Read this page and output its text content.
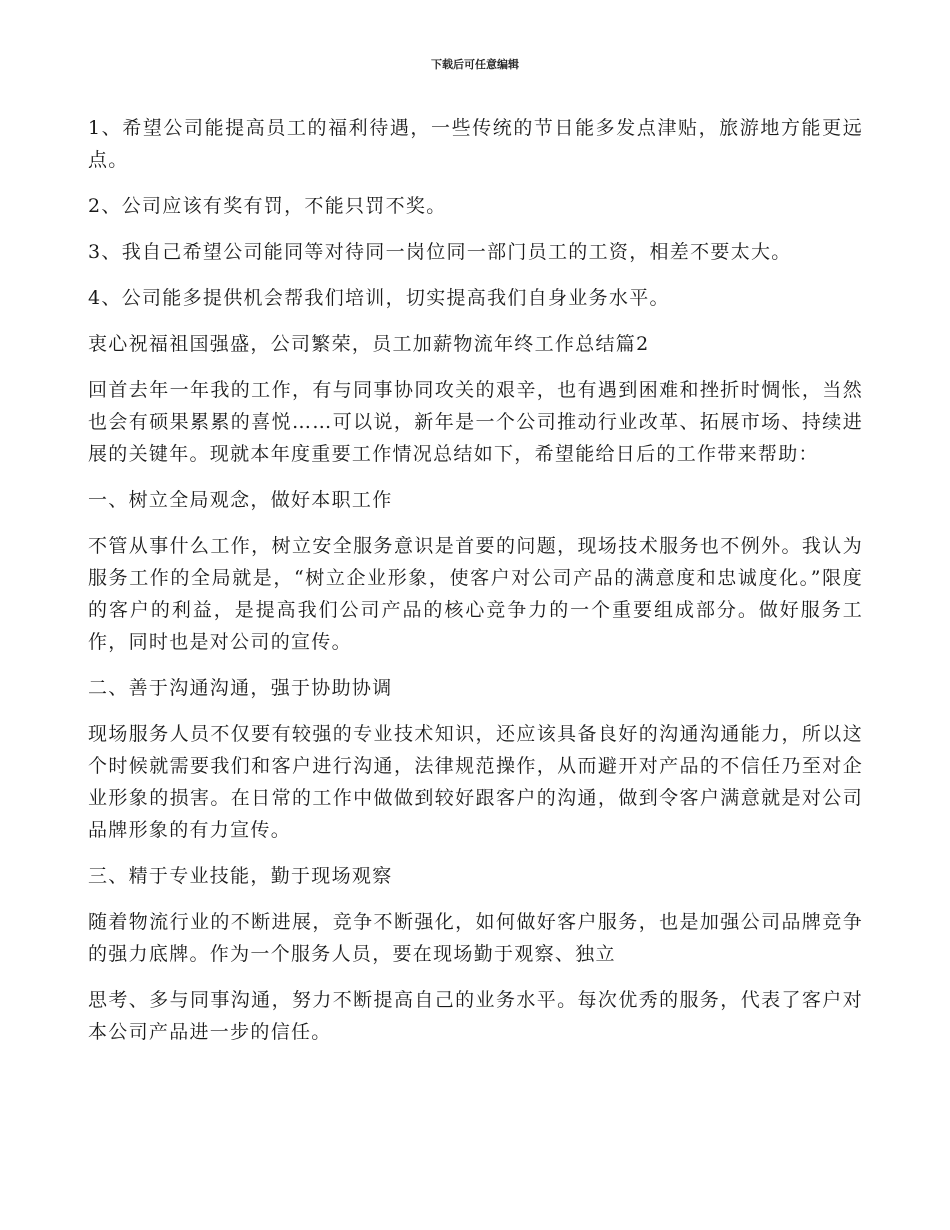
下载后可任意编辑

1、希望公司能提高员工的福利待遇，一些传统的节日能多发点津贴，旅游地方能更远点。

2、公司应该有奖有罚，不能只罚不奖。

3、我自己希望公司能同等对待同一岗位同一部门员工的工资，相差不要太大。

4、公司能多提供机会帮我们培训，切实提高我们自身业务水平。

衷心祝福祖国强盛，公司繁荣，员工加薪物流年终工作总结篇2

回首去年一年我的工作，有与同事协同攻关的艰辛，也有遇到困难和挫折时惆怅，当然也会有硕果累累的喜悦……可以说，新年是一个公司推动行业改革、拓展市场、持续进展的关键年。现就本年度重要工作情况总结如下，希望能给日后的工作带来帮助：

一、树立全局观念，做好本职工作

不管从事什么工作，树立安全服务意识是首要的问题，现场技术服务也不例外。我认为服务工作的全局就是，“树立企业形象，使客户对公司产品的满意度和忠诚度化。”限度的客户的利益，是提高我们公司产品的核心竞争力的一个重要组成部分。做好服务工作，同时也是对公司的宣传。

二、善于沟通沟通，强于协助协调

现场服务人员不仅要有较强的专业技术知识，还应该具备良好的沟通沟通能力，所以这个时候就需要我们和客户进行沟通，法律规范操作，从而避开对产品的不信任乃至对企业形象的损害。在日常的工作中做做到较好跟客户的沟通，做到令客户满意就是对公司品牌形象的有力宣传。

三、精于专业技能，勤于现场观察

随着物流行业的不断进展，竞争不断强化，如何做好客户服务，也是加强公司品牌竞争的强力底牌。作为一个服务人员，要在现场勤于观察、独立

思考、多与同事沟通，努力不断提高自己的业务水平。每次优秀的服务，代表了客户对本公司产品进一步的信任。
